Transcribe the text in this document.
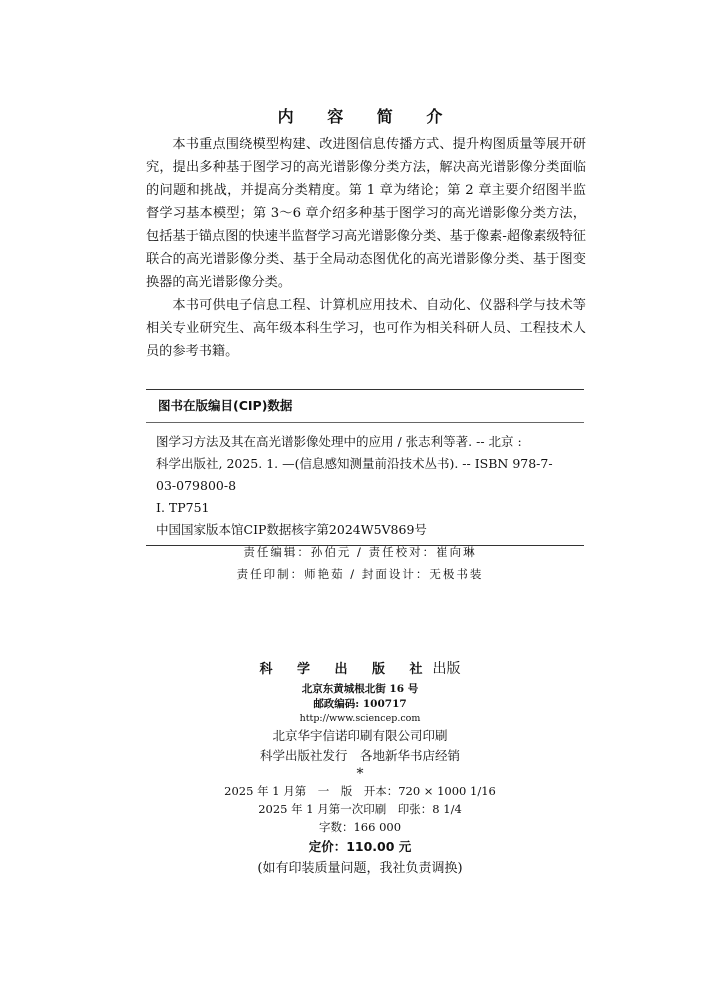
内 容 简 介

本书重点围绕模型构建、改进图信息传播方式、提升构图质量等展开研究，提出多种基于图学习的高光谱影像分类方法，解决高光谱影像分类面临的问题和挑战，并提高分类精度。第 1 章为绪论；第 2 章主要介绍图半监督学习基本模型；第 3～6 章介绍多种基于图学习的高光谱影像分类方法，包括基于锚点图的快速半监督学习高光谱影像分类、基于像素-超像素级特征联合的高光谱影像分类、基于全局动态图优化的高光谱影像分类、基于图变换器的高光谱影像分类。

本书可供电子信息工程、计算机应用技术、自动化、仪器科学与技术等相关专业研究生、高年级本科生学习，也可作为相关科研人员、工程技术人员的参考书籍。

图书在版编目(CIP)数据
图学习方法及其在高光谱影像处理中的应用 / 张志利等著. -- 北京 :
科学出版社, 2025. 1. —(信息感知测量前沿技术丛书). -- ISBN 978-7-
03-079800-8
Ⅰ. TP751
中国国家版本馆CIP数据核字第2024W5V869号
责任编辑：孙伯元 / 责任校对：崔向琳
责任印制：师艳茹 / 封面设计：无极书装
科 学 出 版 社出版
北京东黄城根北街 16 号
邮政编码: 100717
http://www.sciencep.com
北京华宇信诺印刷有限公司印刷
科学出版社发行　各地新华书店经销
*
2025 年 1 月第　一　版　开本：720 × 1000 1/16
2025 年 1 月第一次印刷　印张：8 1/4
字数：166 000
定价：110.00 元
(如有印装质量问题，我社负责调换)
